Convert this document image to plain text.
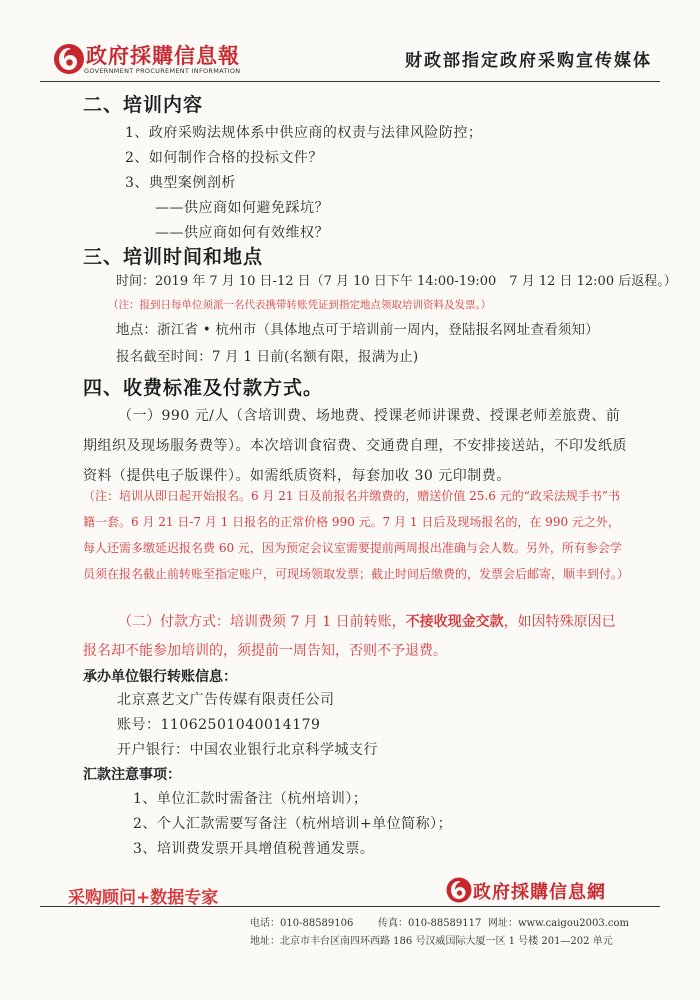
政府採購信息報
GOVERNMENT PROCUREMENT INFORMATION	财政部指定政府采购宣传媒体
二、培训内容
1、政府采购法规体系中供应商的权责与法律风险防控；
2、如何制作合格的投标文件？
3、典型案例剖析
——供应商如何避免踩坑？
——供应商如何有效维权？
三、培训时间和地点
时间：2019 年 7 月 10 日-12 日（7 月 10 日下午 14:00-19:00　7 月 12 日 12:00 后返程。）
（注：报到日每单位须派一名代表携带转账凭证到指定地点领取培训资料及发票。）
地点：浙江省 • 杭州市（具体地点可于培训前一周内，登陆报名网址查看须知）
报名截至时间：7 月 1 日前(名额有限，报满为止)
四、收费标准及付款方式。
（一）990 元/人（含培训费、场地费、授课老师讲课费、授课老师差旅费、前期组织及现场服务费等）。本次培训食宿费、交通费自理，不安排接送站，不印发纸质资料（提供电子版课件）。如需纸质资料，每套加收 30 元印制费。
（注：培训从即日起开始报名。6 月 21 日及前报名并缴费的，赠送价值 25.6 元的“政采法规手书”书籍一套。6 月 21 日-7 月 1 日报名的正常价格 990 元。7 月 1 日后及现场报名的，在 990 元之外，每人还需多缴延迟报名费 60 元，因为预定会议室需要提前两周报出准确与会人数。另外，所有参会学员须在报名截止前转账至指定账户，可现场领取发票；截止时间后缴费的，发票会后邮寄，顺丰到付。）
（二）付款方式：培训费须 7 月 1 日前转账，不接收现金交款，如因特殊原因已报名却不能参加培训的，须提前一周告知，否则不予退费。
承办单位银行转账信息：
北京熹艺文广告传媒有限责任公司
账号：11062501040014179
开户银行：中国农业银行北京科学城支行
汇款注意事项：
1、单位汇款时需备注（杭州培训）；
2、个人汇款需要写备注（杭州培训+单位简称）；
3、培训费发票开具增值税普通发票。
采购顾问+数据专家	政府採購信息網
电话：010-88589106 传真：010-88589117 网址：www.caigou2003.com
地址：北京市丰台区南四环西路 186 号汉威国际大厦一区 1 号楼 201—202 单元
